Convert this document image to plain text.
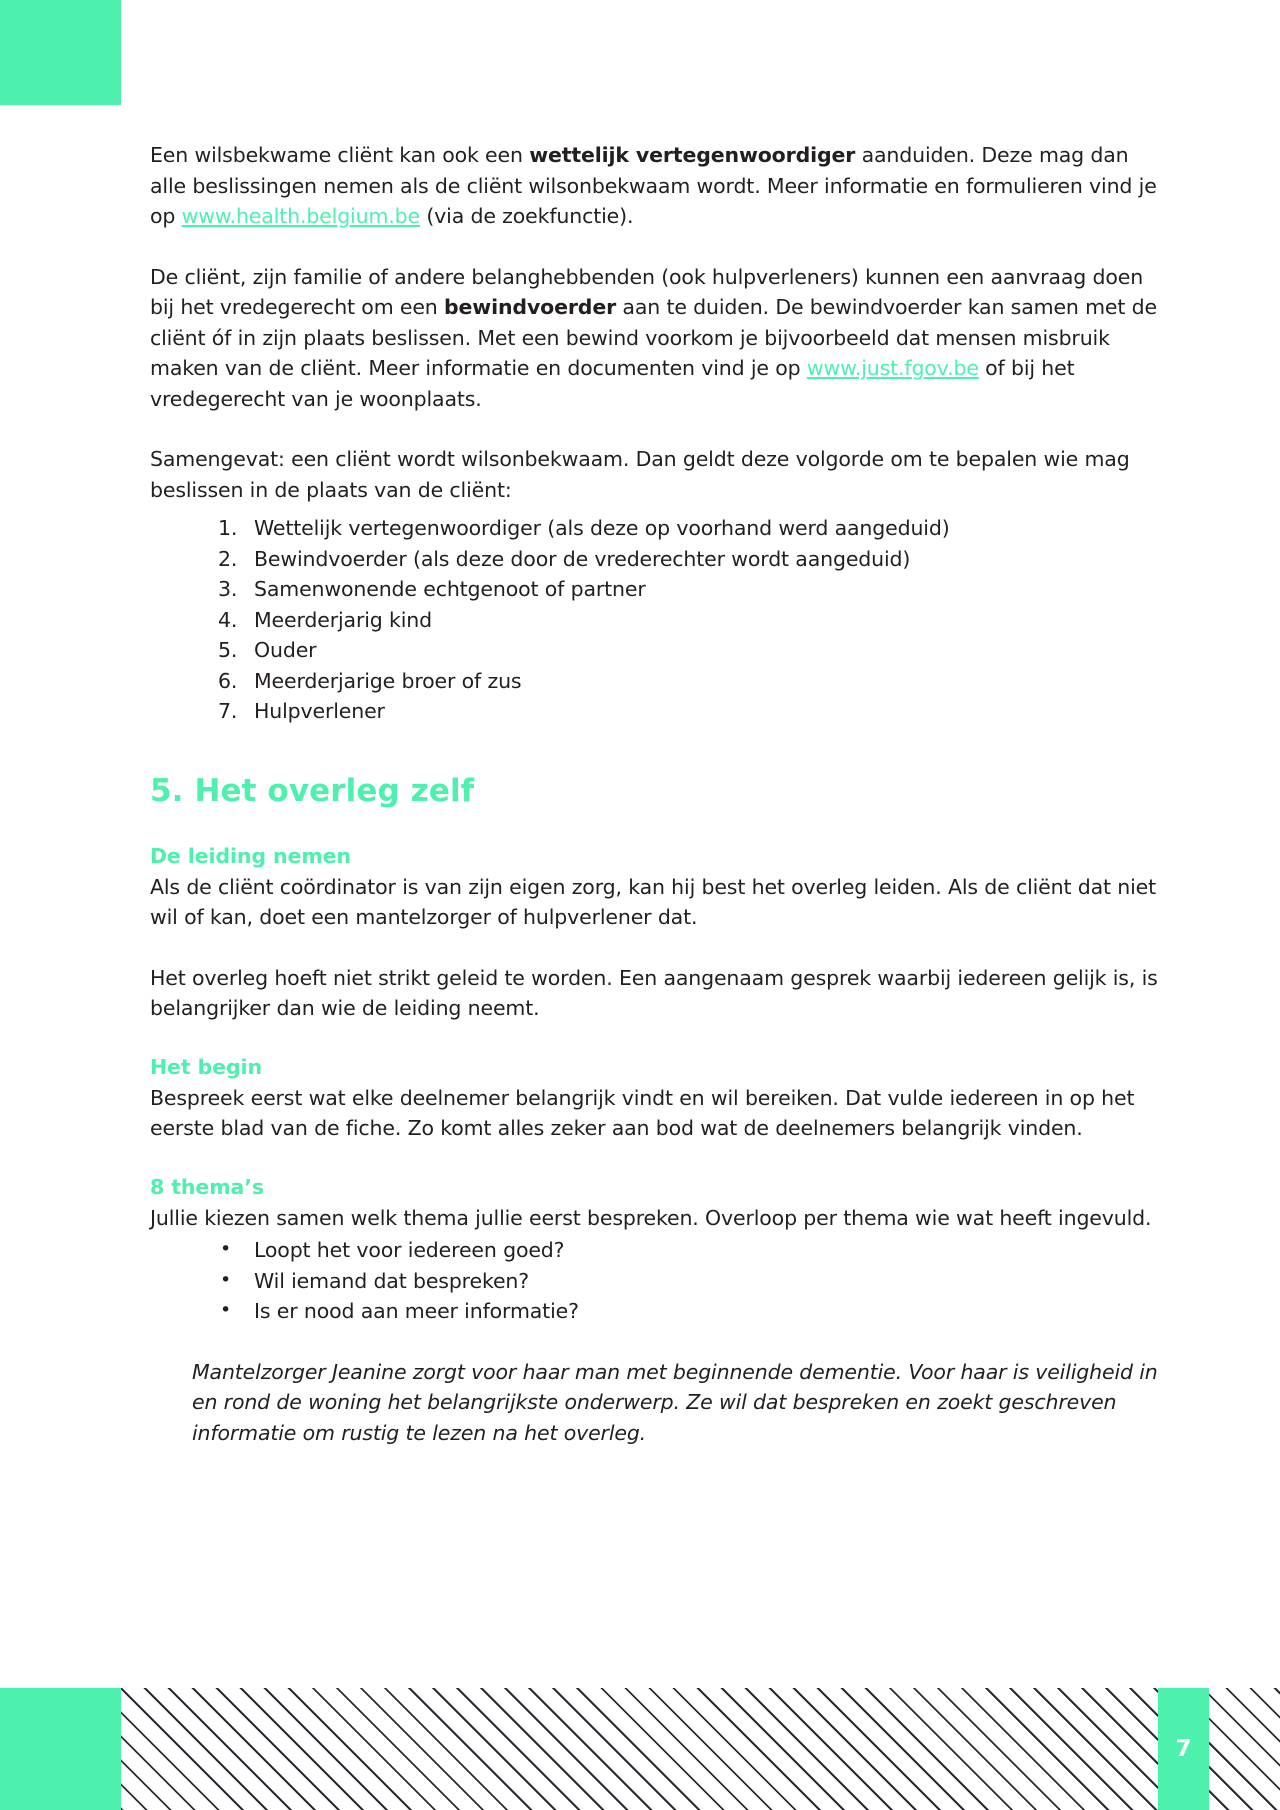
Een wilsbekwame cliënt kan ook een wettelijk vertegenwoordiger aanduiden. Deze mag dan alle beslissingen nemen als de cliënt wilsonbekwaam wordt. Meer informatie en formulieren vind je op www.health.belgium.be (via de zoekfunctie).

De cliënt, zijn familie of andere belanghebbenden (ook hulpverleners) kunnen een aanvraag doen bij het vredegerecht om een bewindvoerder aan te duiden. De bewindvoerder kan samen met de cliënt óf in zijn plaats beslissen. Met een bewind voorkom je bijvoorbeeld dat mensen misbruik maken van de cliënt. Meer informatie en documenten vind je op www.just.fgov.be of bij het vredegerecht van je woonplaats.

Samengevat: een cliënt wordt wilsonbekwaam. Dan geldt deze volgorde om te bepalen wie mag beslissen in de plaats van de cliënt:

1. Wettelijk vertegenwoordiger (als deze op voorhand werd aangeduid)
2. Bewindvoerder (als deze door de vrederechter wordt aangeduid)
3. Samenwonende echtgenoot of partner
4. Meerderjarig kind
5. Ouder
6. Meerderjarige broer of zus
7. Hulpverlener
5. Het overleg zelf
De leiding nemen

Als de cliënt coördinator is van zijn eigen zorg, kan hij best het overleg leiden. Als de cliënt dat niet wil of kan, doet een mantelzorger of hulpverlener dat.

Het overleg hoeft niet strikt geleid te worden. Een aangenaam gesprek waarbij iedereen gelijk is, is belangrijker dan wie de leiding neemt.

Het begin

Bespreek eerst wat elke deelnemer belangrijk vindt en wil bereiken. Dat vulde iedereen in op het eerste blad van de fiche. Zo komt alles zeker aan bod wat de deelnemers belangrijk vinden.

8 thema’s

Jullie kiezen samen welk thema jullie eerst bespreken. Overloop per thema wie wat heeft ingevuld.

• Loopt het voor iedereen goed?
• Wil iemand dat bespreken?
• Is er nood aan meer informatie?

Mantelzorger Jeanine zorgt voor haar man met beginnende dementie. Voor haar is veiligheid in en rond de woning het belangrijkste onderwerp. Ze wil dat bespreken en zoekt geschreven informatie om rustig te lezen na het overleg.

7
